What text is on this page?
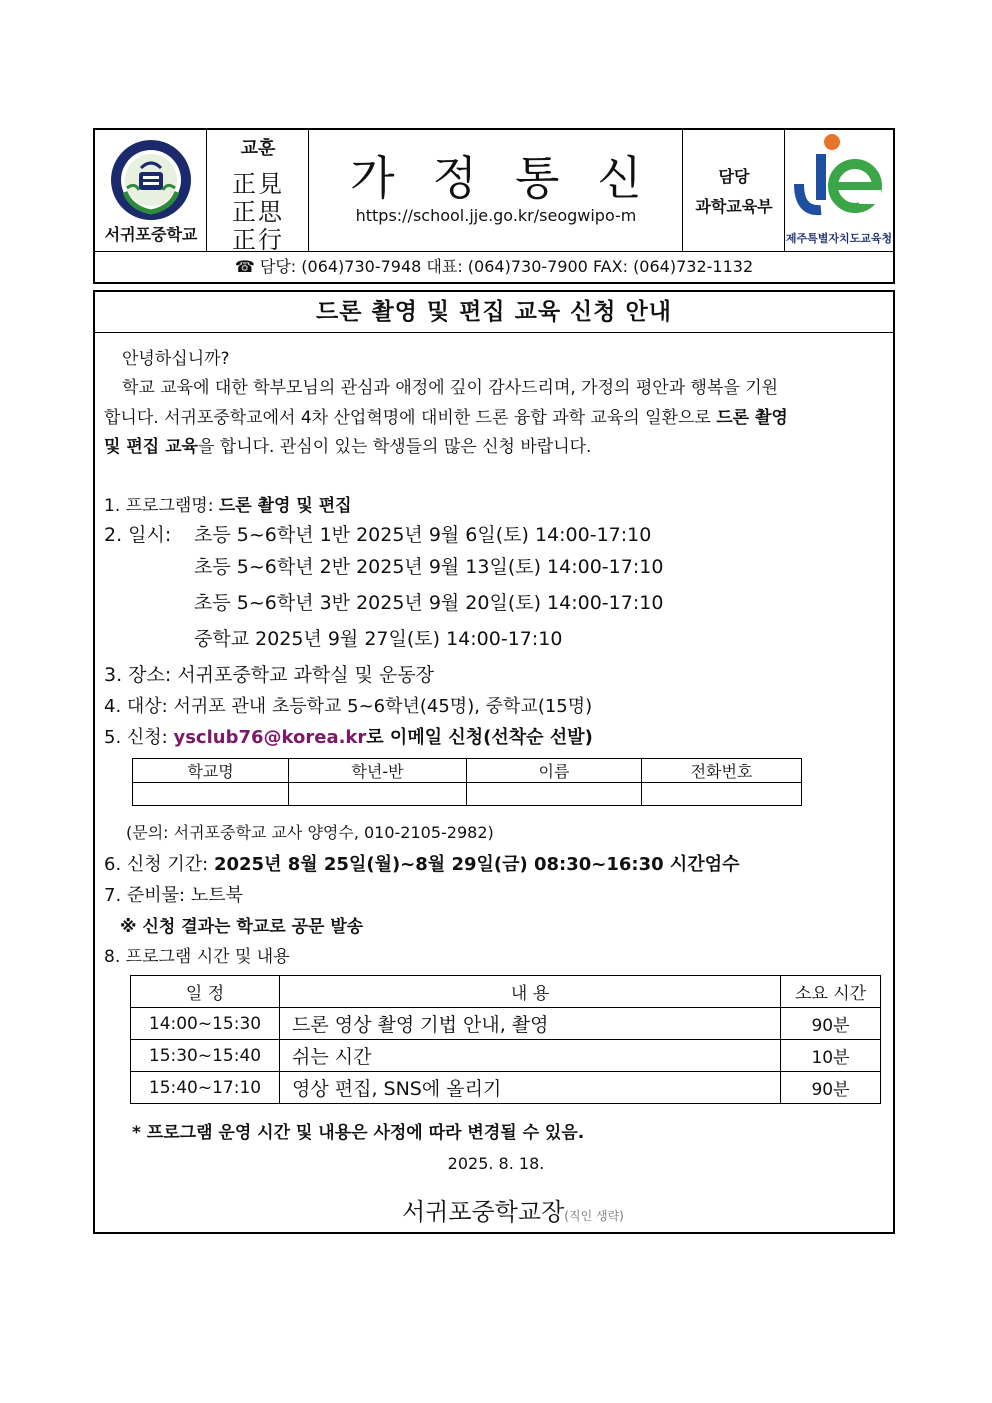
서귀포중학교
교훈
正見
正思
正行
가정통신
https://school.jje.go.kr/seogwipo-m
담당
과학교육부
제주특별자치도교육청
☎ 담당: (064)730-7948 대표: (064)730-7900 FAX: (064)732-1132
드론 촬영 및 편집 교육 신청 안내
안녕하십니까?
학교 교육에 대한 학부모님의 관심과 애정에 깊이 감사드리며, 가정의 평안과 행복을 기원
합니다. 서귀포중학교에서 4차 산업혁명에 대비한 드론 융합 과학 교육의 일환으로 드론 촬영
및 편집 교육을 합니다. 관심이 있는 학생들의 많은 신청 바랍니다.
1. 프로그램명: 드론 촬영 및 편집
2. 일시: 초등 5~6학년 1반 2025년 9월 6일(토) 14:00-17:10
초등 5~6학년 2반 2025년 9월 13일(토) 14:00-17:10
초등 5~6학년 3반 2025년 9월 20일(토) 14:00-17:10
중학교 2025년 9월 27일(토) 14:00-17:10
3. 장소: 서귀포중학교 과학실 및 운동장
4. 대상: 서귀포 관내 초등학교 5~6학년(45명), 중학교(15명)
5. 신청: ysclub76@korea.kr로 이메일 신청(선착순 선발)
학교명	학년-반	이름	전화번호

(문의: 서귀포중학교 교사 양영수, 010-2105-2982)
6. 신청 기간: 2025년 8월 25일(월)~8월 29일(금) 08:30~16:30 시간엄수
7. 준비물: 노트북
※ 신청 결과는 학교로 공문 발송
8. 프로그램 시간 및 내용
일 정	내 용	소요 시간
14:00~15:30	드론 영상 촬영 기법 안내, 촬영	90분
15:30~15:40	쉬는 시간	10분
15:40~17:10	영상 편집, SNS에 올리기	90분
* 프로그램 운영 시간 및 내용은 사정에 따라 변경될 수 있음.
2025. 8. 18.
서귀포중학교장(직인 생략)
